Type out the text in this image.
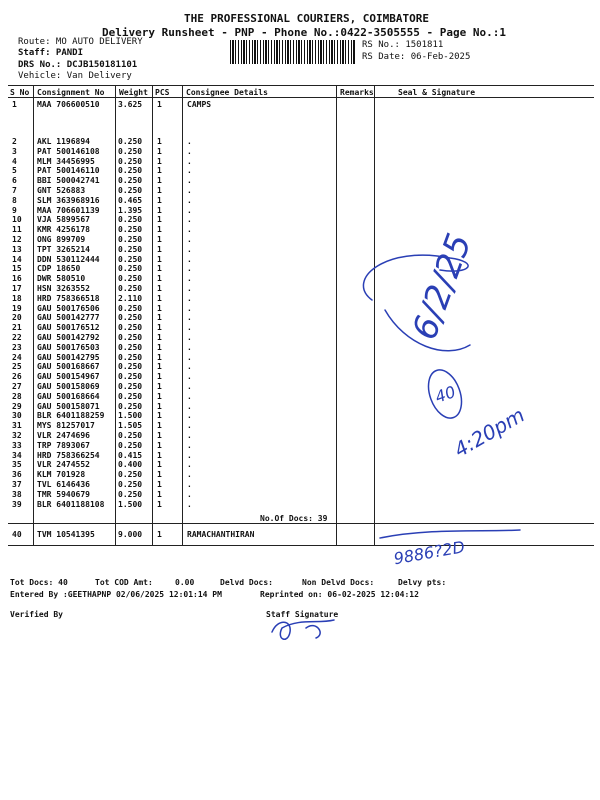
THE PROFESSIONAL COURIERS, COIMBATORE
Delivery Runsheet - PNP - Phone No.:0422-3505555 - Page No.:1
Route: MO AUTO DELIVERY
Staff: PANDI
DRS No.: DCJB150181101
Vehicle: Van Delivery
RS No.: 1501811
RS Date: 06-Feb-2025
S No Consignment No Weight PCS Consignee Details	Remarks	Seal & Signature
1	MAA 706600510 3.625 1	CAMPS
2	AKL 1196894	0.250 1	.
3	PAT 500146108 0.250 1	.
4	MLM 34456995	0.250 1	.
5	PAT 500146110 0.250 1	.
6	BBI 500042741 0.250 1	.
7	GNT 526883	0.250 1	.
8	SLM 363968916 0.465 1	.
9	MAA 706601139 1.395 1	.
10 VJA 5899567	0.250 1	.
11 KMR 4256178	0.250 1	.
12 ONG 899709	0.250 1	.
13 TPT 3265214	0.250 1	.
14 DDN 530112444 0.250 1	.
15 CDP 18650	0.250 1	.
16 DWR 580510	0.250 1	.
17 HSN 3263552	0.250 1	.
18 HRD 758366518 2.110 1	.
19 GAU 500176506 0.250 1	.
20 GAU 500142777 0.250 1	.
21 GAU 500176512 0.250 1	.
22 GAU 500142792 0.250 1	.
23 GAU 500176503 0.250 1	.
24 GAU 500142795 0.250 1	.
25 GAU 500168667 0.250 1	.
26 GAU 500154967 0.250 1	.
27 GAU 500158069 0.250 1	.
28 GAU 500168664 0.250 1	.
29 GAU 500158071 0.250 1	.
30 BLR 6401188259 1.500 1	.
31 MYS 81257017	1.505 1	.
32 VLR 2474696	0.250 1	.
33 TRP 7893067	0.250 1	.
34 HRD 758366254 0.415 1	.
35 VLR 2474552	0.400 1	.
36 KLM 701928	0.250 1	.
37 TVL 6146436	0.250 1	.
38 TMR 5940679	0.250 1	.
39 BLR 6401188108 1.500 1	.
No.Of Docs: 39
40 TVM 10541395	9.000 1	RAMACHANTHIRAN
Tot Docs: 40	Tot COD Amt:	0.00	Delvd Docs:	Non Delvd Docs:	Delvy pts:
Entered By :GEETHAPNP 02/06/2025 12:01:14 PM	Reprinted on: 06-02-2025 12:04:12
Verified By	Staff Signature
6/2/25
40
4:20pm
9886?2D
